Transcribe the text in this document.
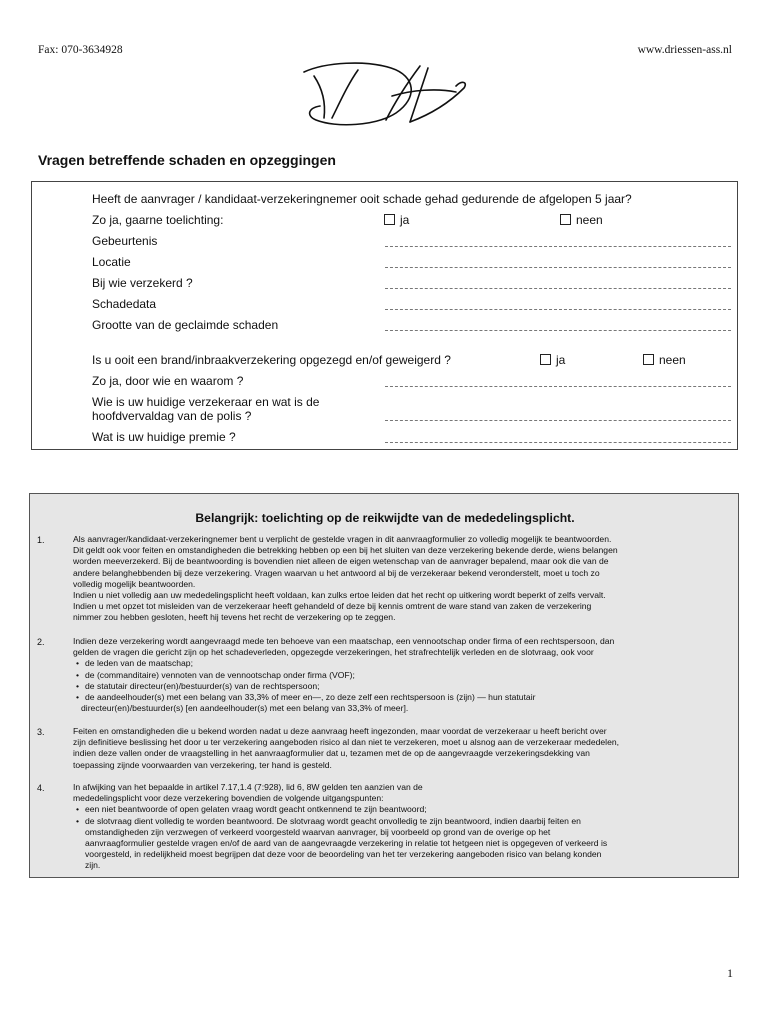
Fax: 070-3634928	www.driessen-ass.nl
DH
Vragen betreffende schaden en opzeggingen
Heeft de aanvrager / kandidaat-verzekeringnemer ooit schade gehad gedurende de afgelopen 5 jaar?
Zo ja, gaarne toelichting:	ja	neen
Gebeurtenis
Locatie
Bij wie verzekerd ?
Schadedata
Grootte van de geclaimde schaden
Is u ooit een brand/inbraakverzekering opgezegd en/of geweigerd ?	ja	neen
Zo ja, door wie en waarom ?
Wie is uw huidige verzekeraar en wat is de
hoofdvervaldag van de polis ?
Wat is uw huidige premie ?
Belangrijk: toelichting op de reikwijdte van de mededelingsplicht.
1.	Als aanvrager/kandidaat-verzekeringnemer bent u verplicht de gestelde vragen in dit aanvraagformulier zo volledig mogelijk te beantwoorden.
Dit geldt ook voor feiten en omstandigheden die betrekking hebben op een bij het sluiten van deze verzekering bekende derde, wiens belangen
worden meeverzekerd. Bij de beantwoording is bovendien niet alleen de eigen wetenschap van de aanvrager bepalend, maar ook die van de
andere belanghebbenden bij deze verzekering. Vragen waarvan u het antwoord al bij de verzekeraar bekend veronderstelt, moet u toch zo
volledig mogelijk beantwoorden.
Indien u niet volledig aan uw mededelingsplicht heeft voldaan, kan zulks ertoe leiden dat het recht op uitkering wordt beperkt of zelfs vervalt.
Indien u met opzet tot misleiden van de verzekeraar heeft gehandeld of deze bij kennis omtrent de ware stand van zaken de verzekering
nimmer zou hebben gesloten, heeft hij tevens het recht de verzekering op te zeggen.
2.	Indien deze verzekering wordt aangevraagd mede ten behoeve van een maatschap, een vennootschap onder firma of een rechtspersoon, dan
gelden de vragen die gericht zijn op het schadeverleden, opgezegde verzekeringen, het strafrechtelijk verleden en de slotvraag, ook voor
• de leden van de maatschap;
• de (commanditaire) vennoten van de vennootschap onder firma (VOF);
• de statutair directeur(en)/bestuurder(s) van de rechtspersoon;
• de aandeelhouder(s) met een belang van 33,3% of meer en—, zo deze zelf een rechtspersoon is (zijn) — hun statutair
directeur(en)/bestuurder(s) [en aandeelhouder(s) met een belang van 33,3% of meer].
3.	Feiten en omstandigheden die u bekend worden nadat u deze aanvraag heeft ingezonden, maar voordat de verzekeraar u heeft bericht over
zijn definitieve beslissing het door u ter verzekering aangeboden risico al dan niet te verzekeren, moet u alsnog aan de verzekeraar mededelen,
indien deze vallen onder de vraagstelling in het aanvraagformulier dat u, tezamen met de op de aangevraagde verzekeringsdekking van
toepassing zijnde voorwaarden van verzekering, ter hand is gesteld.
4.	In afwijking van het bepaalde in artikel 7.17,1.4 (7:928), lid 6, 8W gelden ten aanzien van de
mededelingsplicht voor deze verzekering bovendien de volgende uitgangspunten:
• een niet beantwoorde of open gelaten vraag wordt geacht ontkennend te zijn beantwoord;
• de slotvraag dient volledig te worden beantwoord. De slotvraag wordt geacht onvolledig te zijn beantwoord, indien daarbij feiten en
omstandigheden zijn verzwegen of verkeerd voorgesteld waarvan aanvrager, bij voorbeeld op grond van de overige op het
aanvraagformulier gestelde vragen en/of de aard van de aangevraagde verzekering in relatie tot hetgeen niet is opgegeven of verkeerd is
voorgesteld, in redelijkheid moest begrijpen dat deze voor de beoordeling van het ter verzekering aangeboden risico van belang konden
zijn.
1
